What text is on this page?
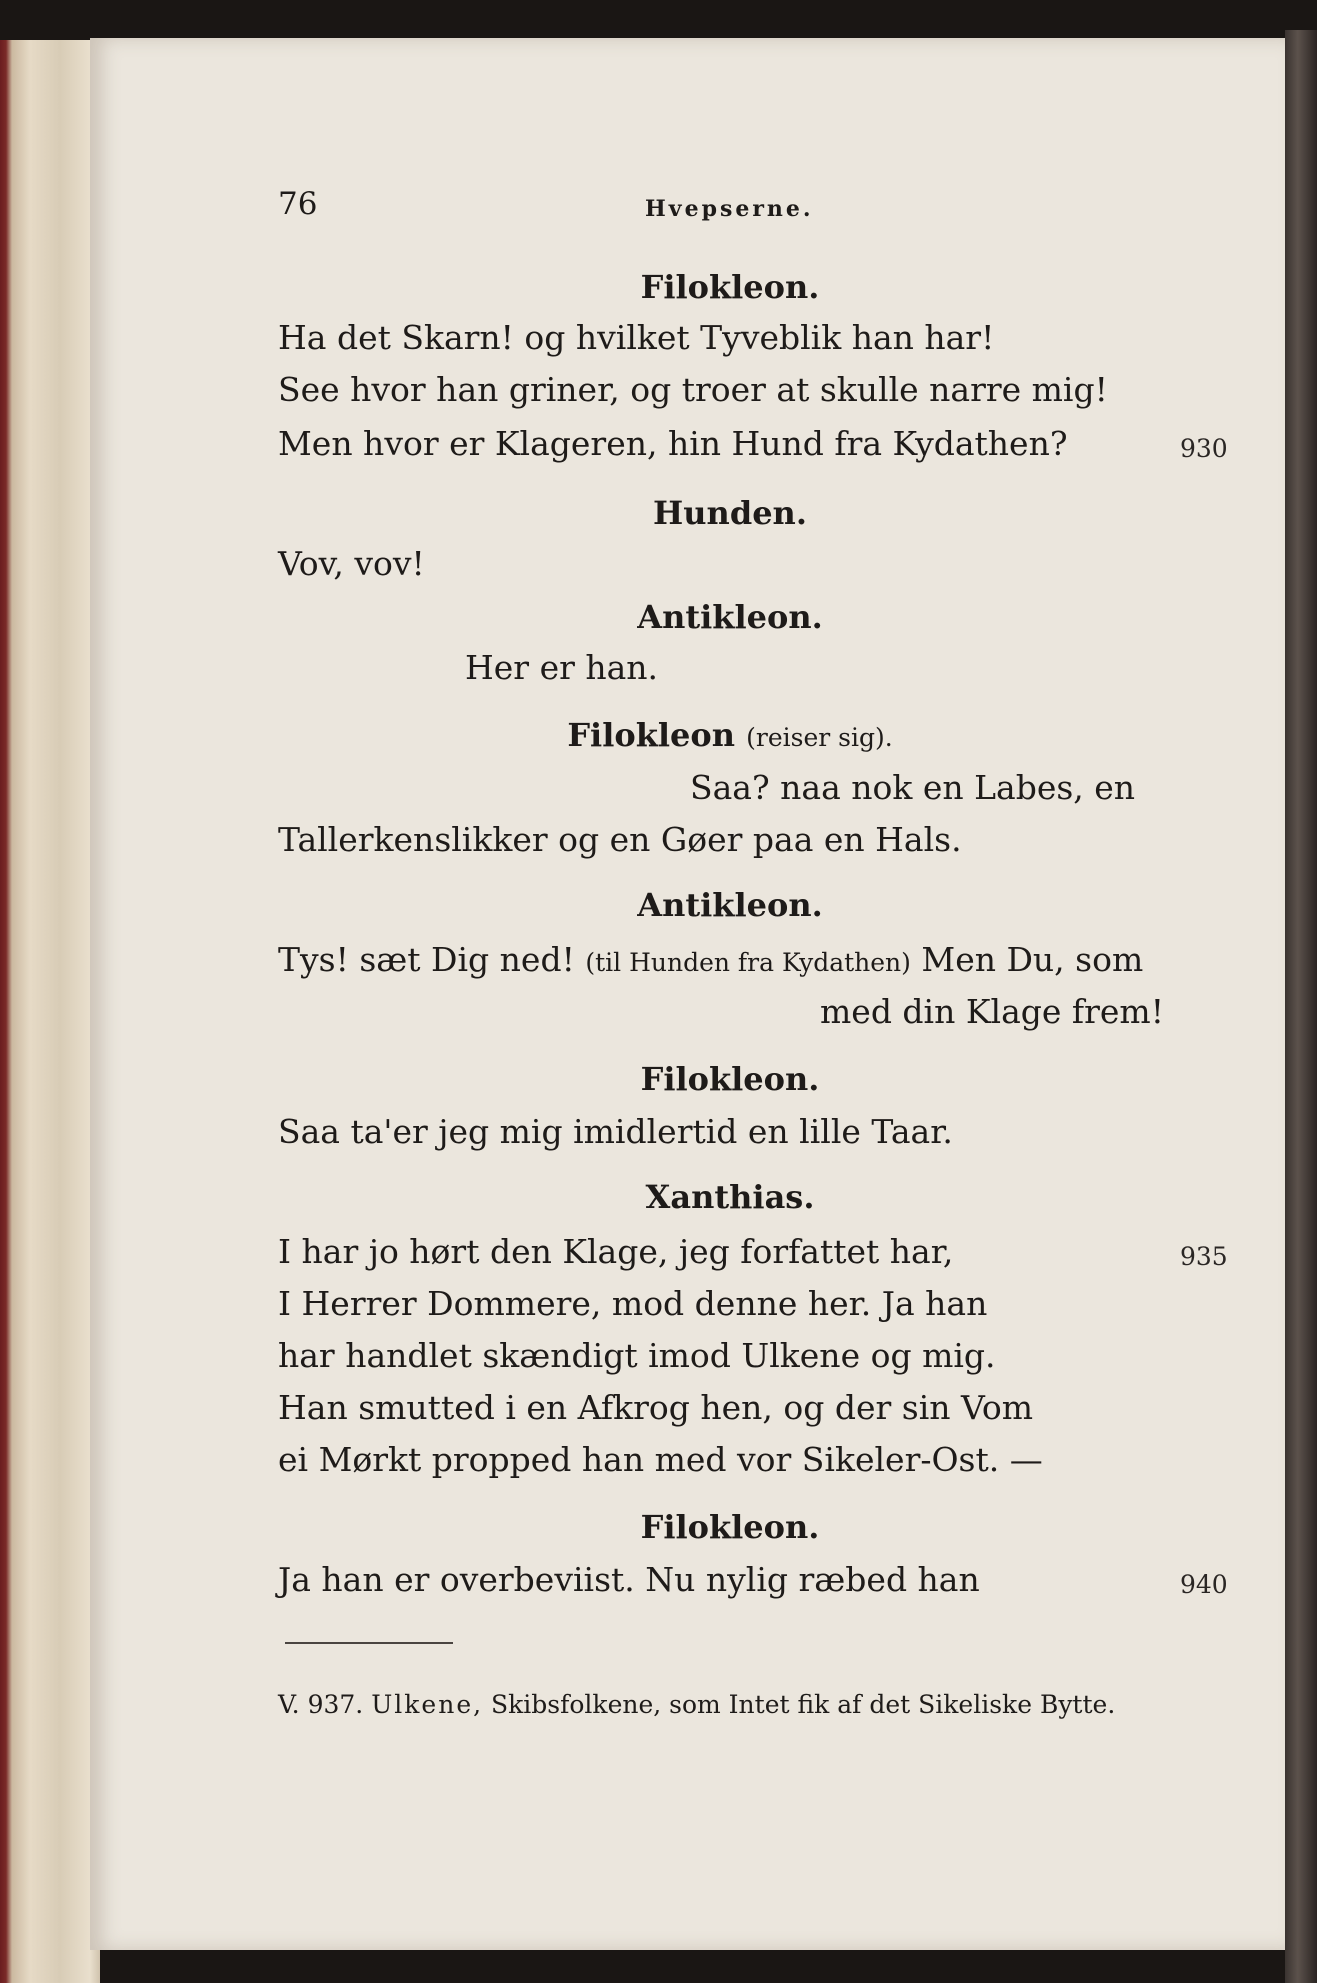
76	Hvepserne.
Filokleon.
Ha det Skarn! og hvilket Tyveblik han har!
See hvor han griner, og troer at skulle narre mig!
Men hvor er Klageren, hin Hund fra Kydathen?	930
Hunden.
Vov, vov!
Antikleon.
Her er han.
Filokleon (reiser sig).
Saa? naa nok en Labes, en
Tallerkenslikker og en Gøer paa en Hals.
Antikleon.
Tys! sæt Dig ned! (til Hunden fra Kydathen) Men Du, som
med din Klage frem!
Filokleon.
Saa ta'er jeg mig imidlertid en lille Taar.
Xanthias.
I har jo hørt den Klage, jeg forfattet har,	935
I Herrer Dommere, mod denne her. Ja han
har handlet skændigt imod Ulkene og mig.
Han smutted i en Afkrog hen, og der sin Vom
ei Mørkt propped han med vor Sikeler-Ost. —
Filokleon.
Ja han er overbeviist. Nu nylig ræbed han	940
V. 937. Ulkene, Skibsfolkene, som Intet fik af det Sikeliske Bytte.
